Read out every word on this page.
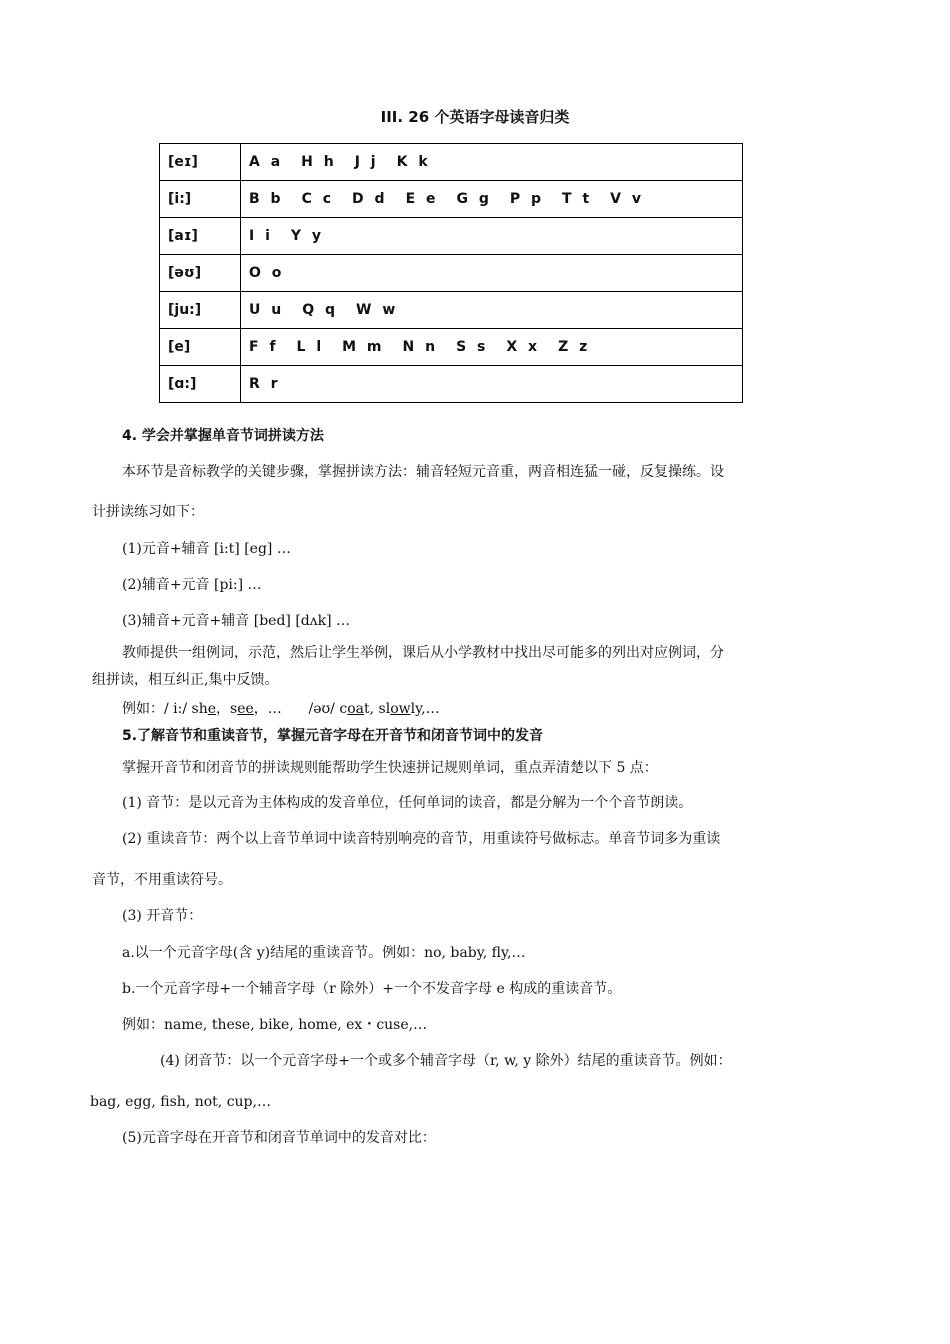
III. 26 个英语字母读音归类
[eɪ]	A a H h J j K k
[i:]	B b C c D d E e G g P p T t V v
[aɪ]	I i Y y
[əʊ]	O o
[ju:]	U u Q q W w
[e]	F f L l M m N n S s X x Z z
[ɑ:]	R r
4. 学会并掌握单音节词拼读方法
本环节是音标教学的关键步骤，掌握拼读方法：辅音轻短元音重，两音相连猛一碰，反复操练。设
计拼读练习如下：
(1)元音+辅音 [i:t] [eg] …
(2)辅音+元音 [pi:] …
(3)辅音+元音+辅音 [bed] [dʌk] …
教师提供一组例词，示范，然后让学生举例，课后从小学教材中找出尽可能多的列出对应例词，分
组拼读，相互纠正,集中反馈。
例如：/ i:/ she，see，…      /əʊ/ coat, slowly,…
5.了解音节和重读音节，掌握元音字母在开音节和闭音节词中的发音
掌握开音节和闭音节的拼读规则能帮助学生快速拼记规则单词，重点弄清楚以下 5 点：
(1) 音节：是以元音为主体构成的发音单位，任何单词的读音，都是分解为一个个音节朗读。
(2) 重读音节：两个以上音节单词中读音特别响亮的音节，用重读符号做标志。单音节词多为重读
音节，不用重读符号。
(3) 开音节：
a.以一个元音字母(含 y)结尾的重读音节。例如：no, baby, fly,…
b.一个元音字母+一个辅音字母（r 除外）+一个不发音字母 e 构成的重读音节。
例如：name, these, bike, home, ex・cuse,…
(4) 闭音节：以一个元音字母+一个或多个辅音字母（r, w, y 除外）结尾的重读音节。例如：
bag, egg, fish, not, cup,…
(5)元音字母在开音节和闭音节单词中的发音对比：
